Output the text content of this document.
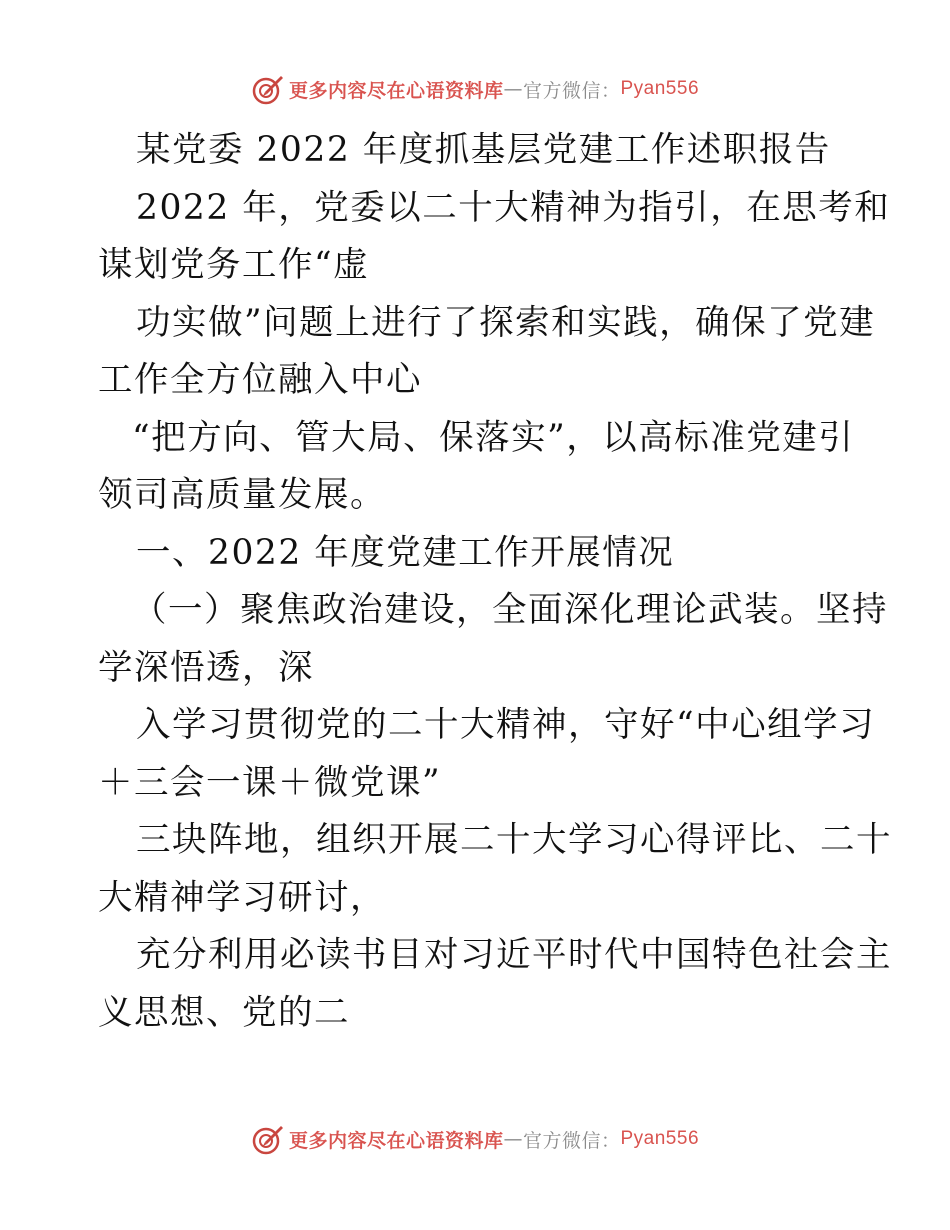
更多内容尽在心语资料库 — 官方微信： Pyan556
某党委 2022 年度抓基层党建工作述职报告
2022 年，党委以二十大精神为指引，在思考和
谋划党务工作“虚
功实做”问题上进行了探索和实践，确保了党建
工作全方位融入中心
“把方向、管大局、保落实”，以高标准党建引
领司高质量发展。
一、2022 年度党建工作开展情况
（一）聚焦政治建设，全面深化理论武装。坚持
学深悟透，深
入学习贯彻党的二十大精神，守好“中心组学习
＋三会一课＋微党课”
三块阵地，组织开展二十大学习心得评比、二十
大精神学习研讨，
充分利用必读书目对习近平时代中国特色社会主
义思想、党的二
更多内容尽在心语资料库 — 官方微信： Pyan556
